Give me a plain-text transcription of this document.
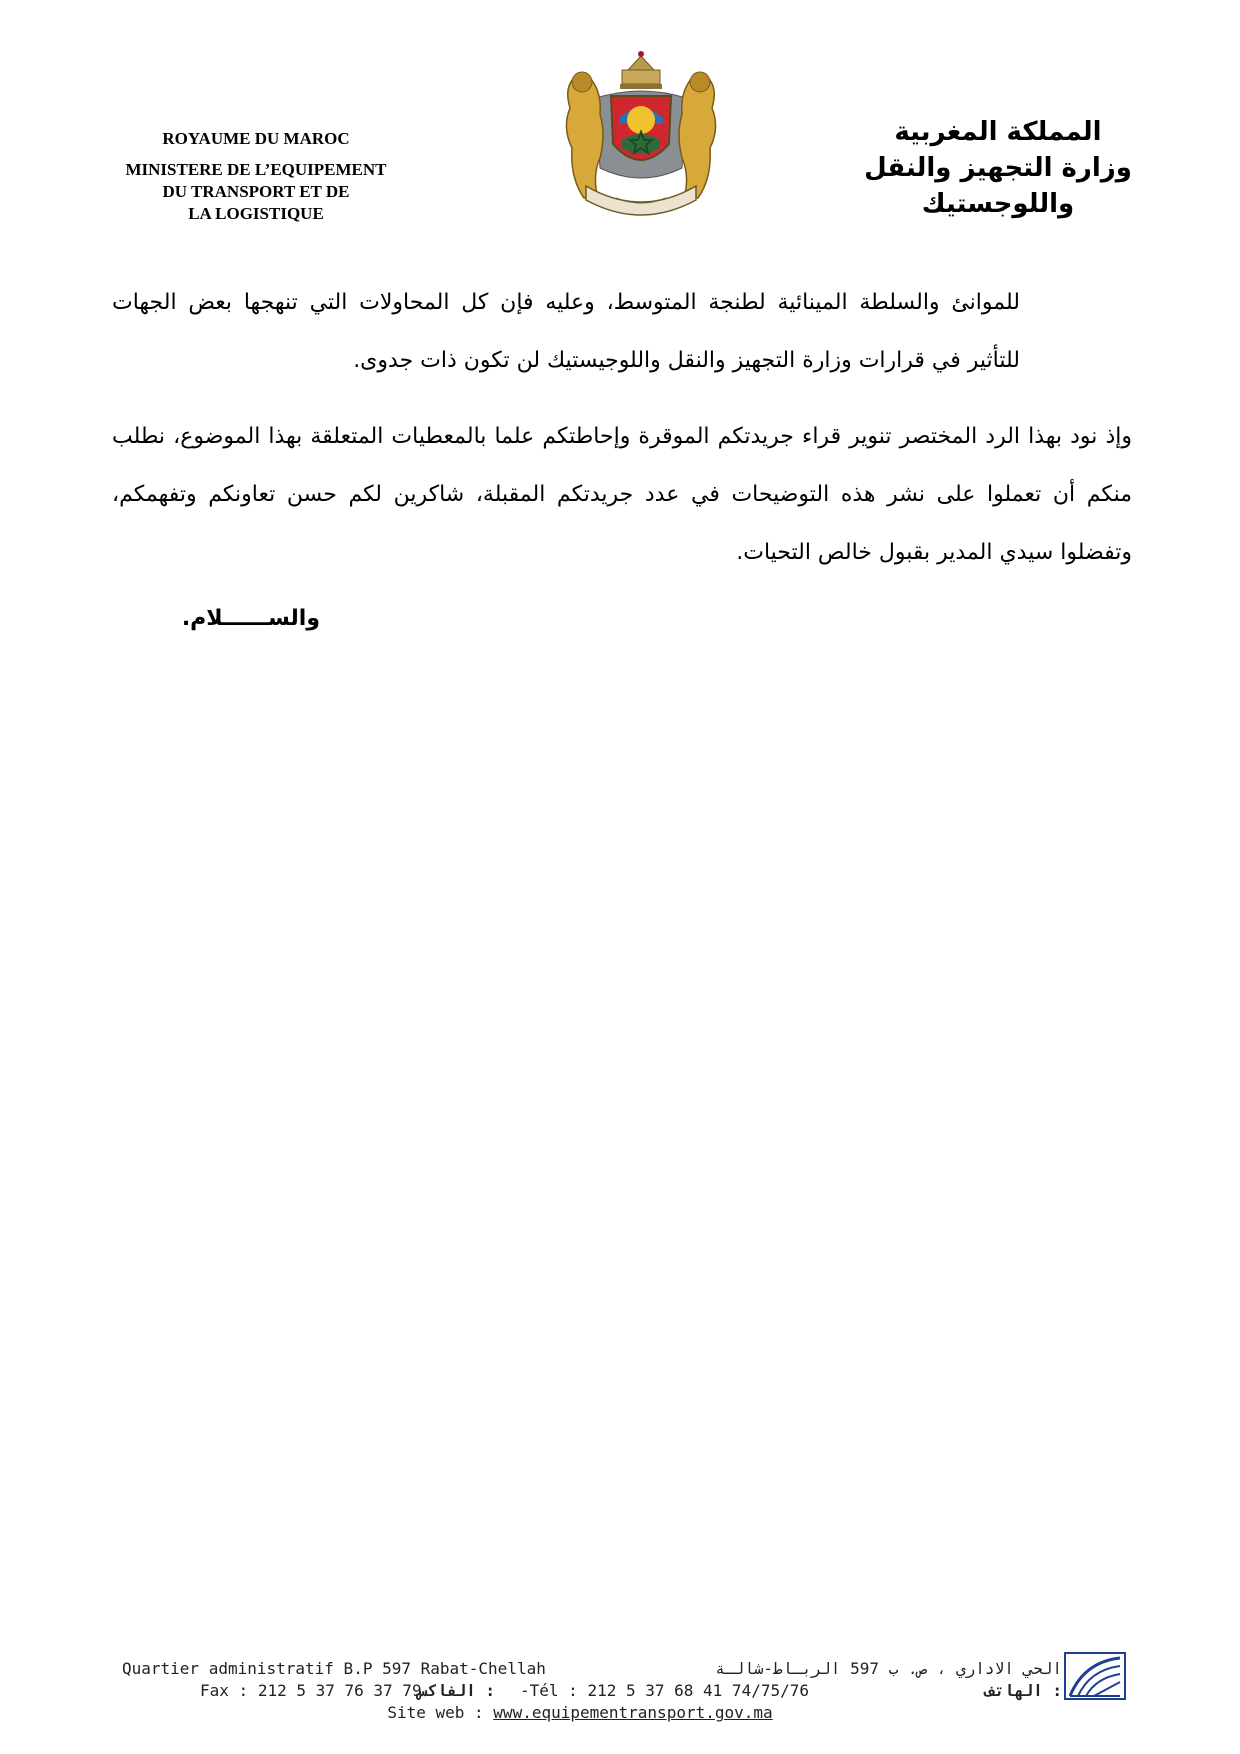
ROYAUME DU MAROC
MINISTERE DE L’EQUIPEMENT
DU TRANSPORT ET DE
LA LOGISTIQUE
المملكة المغربية
وزارة التجهيز والنقل
واللوجستيك
للموانئ والسلطة المينائية لطنجة المتوسط، وعليه فإن كل المحاولات التي تنهجها بعض الجهات
للتأثير في قرارات وزارة التجهيز والنقل واللوجيستيك لن تكون ذات جدوى.
وإذ نود بهذا الرد المختصر تنوير قراء جريدتكم الموقرة وإحاطتكم علما بالمعطيات المتعلقة بهذا الموضوع، نطلب
منكم أن تعملوا على نشر هذه التوضيحات في عدد جريدتكم المقبلة، شاكرين لكم حسن تعاونكم وتفهمكم،
وتفضلوا سيدي المدير بقبول خالص التحيات.
والســــــلام.
Quartier administratif B.P 597 Rabat-Chellah	الحي الاداري ، ص. ب 597 الربـاط-شالـة
Fax : 212 5 37 76 37 79
: الفاكس -Tél : 212 5 37 68 41 74/75/76	: الهاتف
Site web : www.equipementransport.gov.ma
